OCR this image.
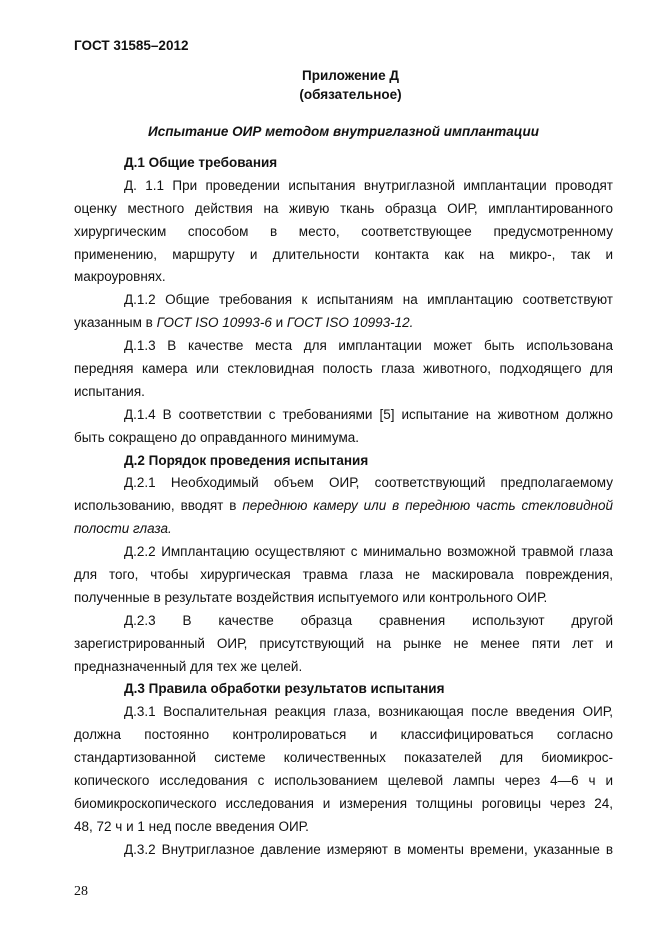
ГОСТ 31585–2012
Приложение Д
(обязательное)
Испытание ОИР методом внутриглазной имплантации
Д.1 Общие требования
Д. 1.1 При проведении испытания внутриглазной имплантации проводят
оценку местного действия на живую ткань образца ОИР, имплантированного
хирургическим способом в место, соответствующее предусмотренному
применению, маршруту и длительности контакта как на микро-, так и
макроуровнях.
Д.1.2 Общие требования к испытаниям на имплантацию соответствуют
указанным в ГОСТ ISO 10993-6 и ГОСТ ISO 10993-12.
Д.1.3 В качестве места для имплантации может быть использована
передняя камера или стекловидная полость глаза животного, подходящего для
испытания.
Д.1.4 В соответствии с требованиями [5] испытание на животном должно
быть сокращено до оправданного минимума.
Д.2 Порядок проведения испытания
Д.2.1 Необходимый объем ОИР, соответствующий предполагаемому
использованию, вводят в переднюю камеру или в переднюю часть стекловидной
полости глаза.
Д.2.2 Имплантацию осуществляют с минимально возможной травмой глаза
для того, чтобы хирургическая травма глаза не маскировала повреждения,
полученные в результате воздействия испытуемого или контрольного ОИР.
Д.2.3 В качестве образца сравнения используют другой
зарегистрированный ОИР, присутствующий на рынке не менее пяти лет и
предназначенный для тех же целей.
Д.3 Правила обработки результатов испытания
Д.3.1 Воспалительная реакция глаза, возникающая после введения ОИР,
должна постоянно контролироваться и классифицироваться согласно
стандартизованной системе количественных показателей для биомикрос-
копического исследования с использованием щелевой лампы через 4—6 ч и
биомикроскопического исследования и измерения толщины роговицы через 24,
48, 72 ч и 1 нед после введения ОИР.
Д.3.2 Внутриглазное давление измеряют в моменты времени, указанные в
28
